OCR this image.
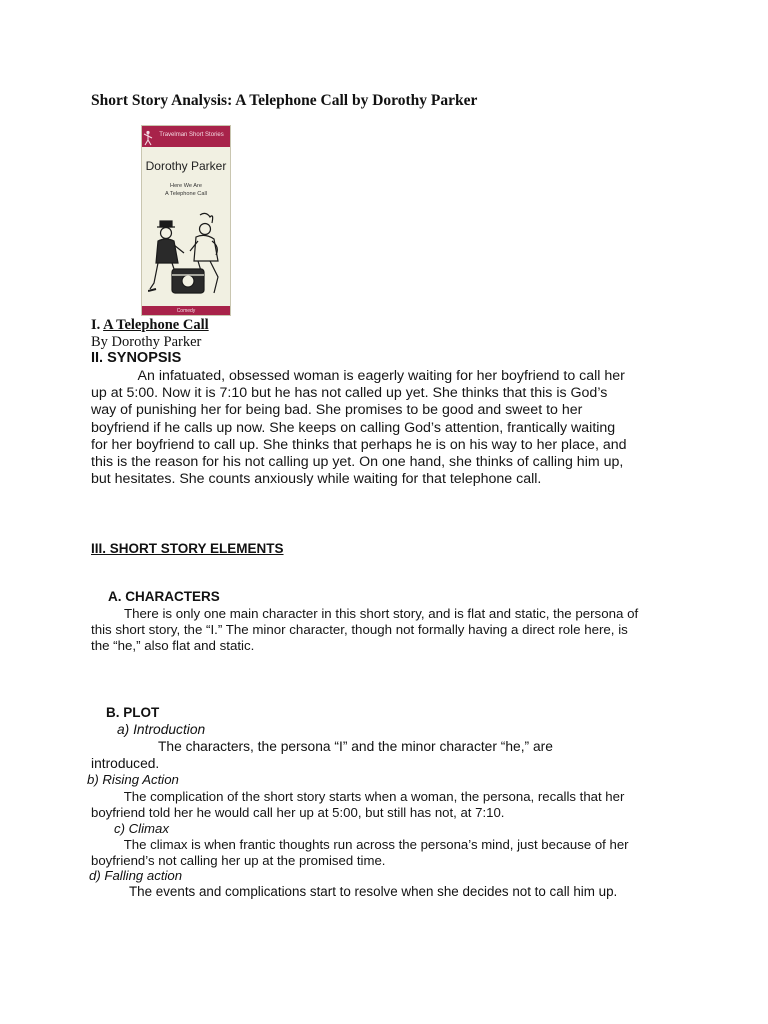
Short Story Analysis: A Telephone Call by Dorothy Parker
Travelman Short Stories
Dorothy Parker
Here We Are
A Telephone Call
Comedy
I. A Telephone Call
By Dorothy Parker
II. SYNOPSIS
An infatuated, obsessed woman is eagerly waiting for her boyfriend to call her
up at 5:00. Now it is 7:10 but he has not called up yet. She thinks that this is God’s
way of punishing her for being bad. She promises to be good and sweet to her
boyfriend if he calls up now. She keeps on calling God’s attention, frantically waiting
for her boyfriend to call up. She thinks that perhaps he is on his way to her place, and
this is the reason for his not calling up yet. On one hand, she thinks of calling him up,
but hesitates. She counts anxiously while waiting for that telephone call.
III. SHORT STORY ELEMENTS
A. CHARACTERS
There is only one main character in this short story, and is flat and static, the persona of
this short story, the “I.” The minor character, though not formally having a direct role here, is
the “he,” also flat and static.
B. PLOT
a) Introduction
The characters, the persona “I” and the minor character “he,” are
introduced.
b) Rising Action
The complication of the short story starts when a woman, the persona, recalls that her
boyfriend told her he would call her up at 5:00, but still has not, at 7:10.
c) Climax
The climax is when frantic thoughts run across the persona’s mind, just because of her
boyfriend’s not calling her up at the promised time.
d) Falling action
The events and complications start to resolve when she decides not to call him up.
